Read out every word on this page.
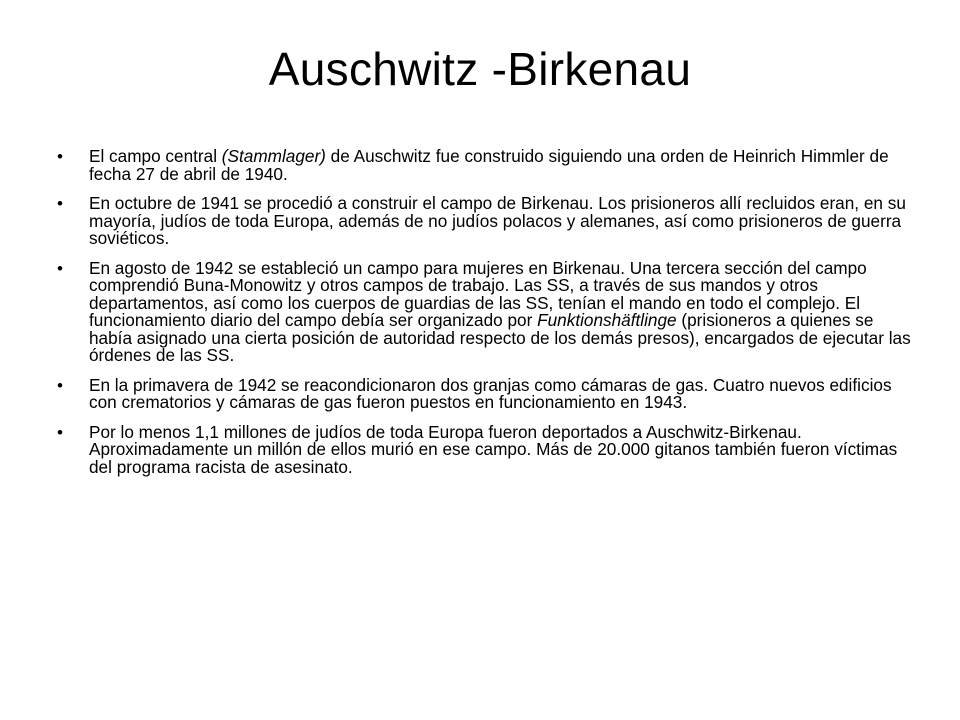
Auschwitz -Birkenau
• El campo central (Stammlager) de Auschwitz fue construido siguiendo una orden de Heinrich Himmler de fecha 27 de abril de 1940.
• En octubre de 1941 se procedió a construir el campo de Birkenau. Los prisioneros allí recluidos eran, en su mayoría, judíos de toda Europa, además de no judíos polacos y alemanes, así como prisioneros de guerra soviéticos.
• En agosto de 1942 se estableció un campo para mujeres en Birkenau. Una tercera sección del campo comprendió Buna-Monowitz y otros campos de trabajo. Las SS, a través de sus mandos y otros departamentos, así como los cuerpos de guardias de las SS, tenían el mando en todo el complejo. El funcionamiento diario del campo debía ser organizado por Funktionshäftlinge (prisioneros a quienes se había asignado una cierta posición de autoridad respecto de los demás presos), encargados de ejecutar las órdenes de las SS.
• En la primavera de 1942 se reacondicionaron dos granjas como cámaras de gas. Cuatro nuevos edificios con crematorios y cámaras de gas fueron puestos en funcionamiento en 1943.
• Por lo menos 1,1 millones de judíos de toda Europa fueron deportados a Auschwitz-Birkenau. Aproximadamente un millón de ellos murió en ese campo. Más de 20.000 gitanos también fueron víctimas del programa racista de asesinato.
